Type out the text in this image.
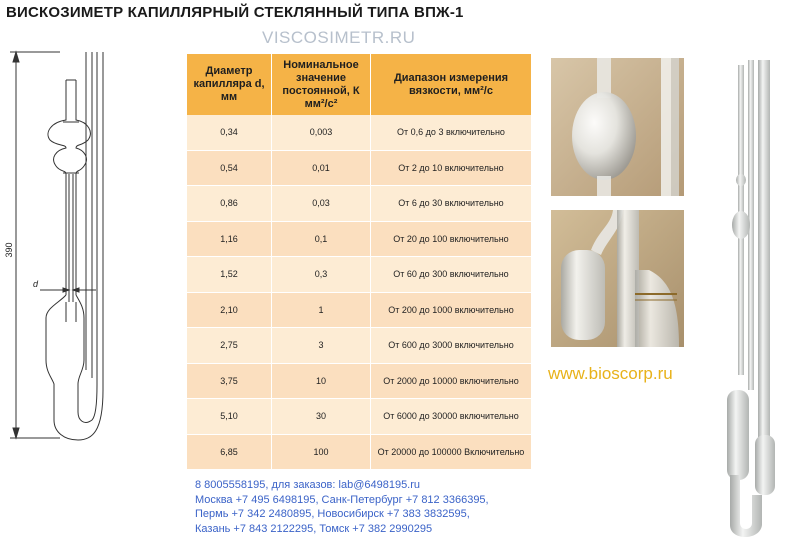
ВИСКОЗИМЕТР КАПИЛЛЯРНЫЙ СТЕКЛЯННЫЙ ТИПА ВПЖ-1
VISCOSIMETR.RU
390
d
Диаметр капилляра d, мм	Номинальное значение постоянной, К мм²/с²	Диапазон измерения вязкости, мм²/с
0,34	0,003	От 0,6 до 3 включительно
0,54	0,01	От 2 до 10 включительно
0,86	0,03	От 6 до 30 включительно
1,16	0,1	От 20 до 100 включительно
1,52	0,3	От 60 до 300 включительно
2,10	1	От 200 до 1000 включительно
2,75	3	От 600 до 3000 включительно
3,75	10	От 2000 до 10000 включительно
5,10	30	От 6000 до 30000 включительно
6,85	100	От 20000 до 100000 Включительно
www.bioscorp.ru
8 8005558195, для заказов: lab@6498195.ru
Москва +7 495 6498195, Санк-Петербург +7 812 3366395,
Пермь +7 342 2480895, Новосибирск +7 383 3832595,
Казань +7 843 2122295, Томск +7 382 2990295
